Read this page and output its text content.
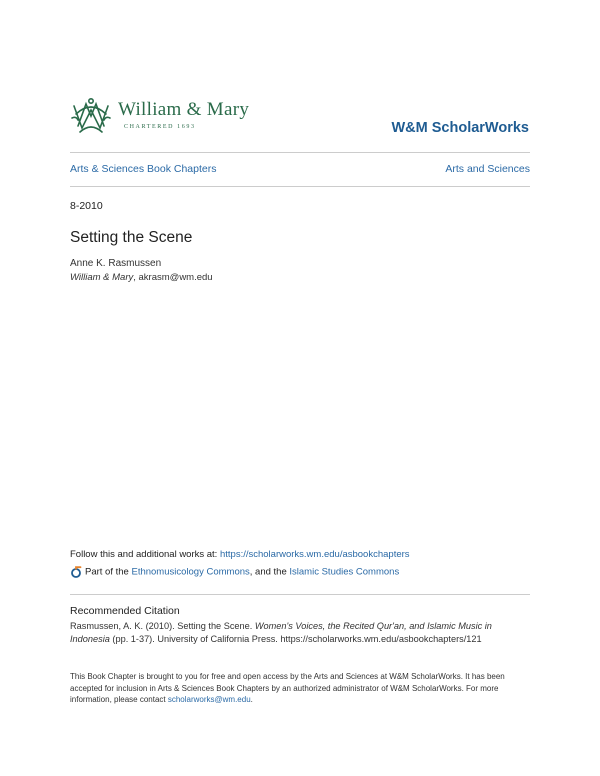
William & Mary
CHARTERED 1693	W&M ScholarWorks
Arts & Sciences Book Chapters	Arts and Sciences
8-2010
Setting the Scene
Anne K. Rasmussen
William & Mary, akrasm@wm.edu
Follow this and additional works at: https://scholarworks.wm.edu/asbookchapters
Part of the Ethnomusicology Commons, and the Islamic Studies Commons
Recommended Citation
Rasmussen, A. K. (2010). Setting the Scene. Women's Voices, the Recited Qur'an, and Islamic Music in Indonesia (pp. 1-37). University of California Press. https://scholarworks.wm.edu/asbookchapters/121
This Book Chapter is brought to you for free and open access by the Arts and Sciences at W&M ScholarWorks. It has been accepted for inclusion in Arts & Sciences Book Chapters by an authorized administrator of W&M ScholarWorks. For more information, please contact scholarworks@wm.edu.
